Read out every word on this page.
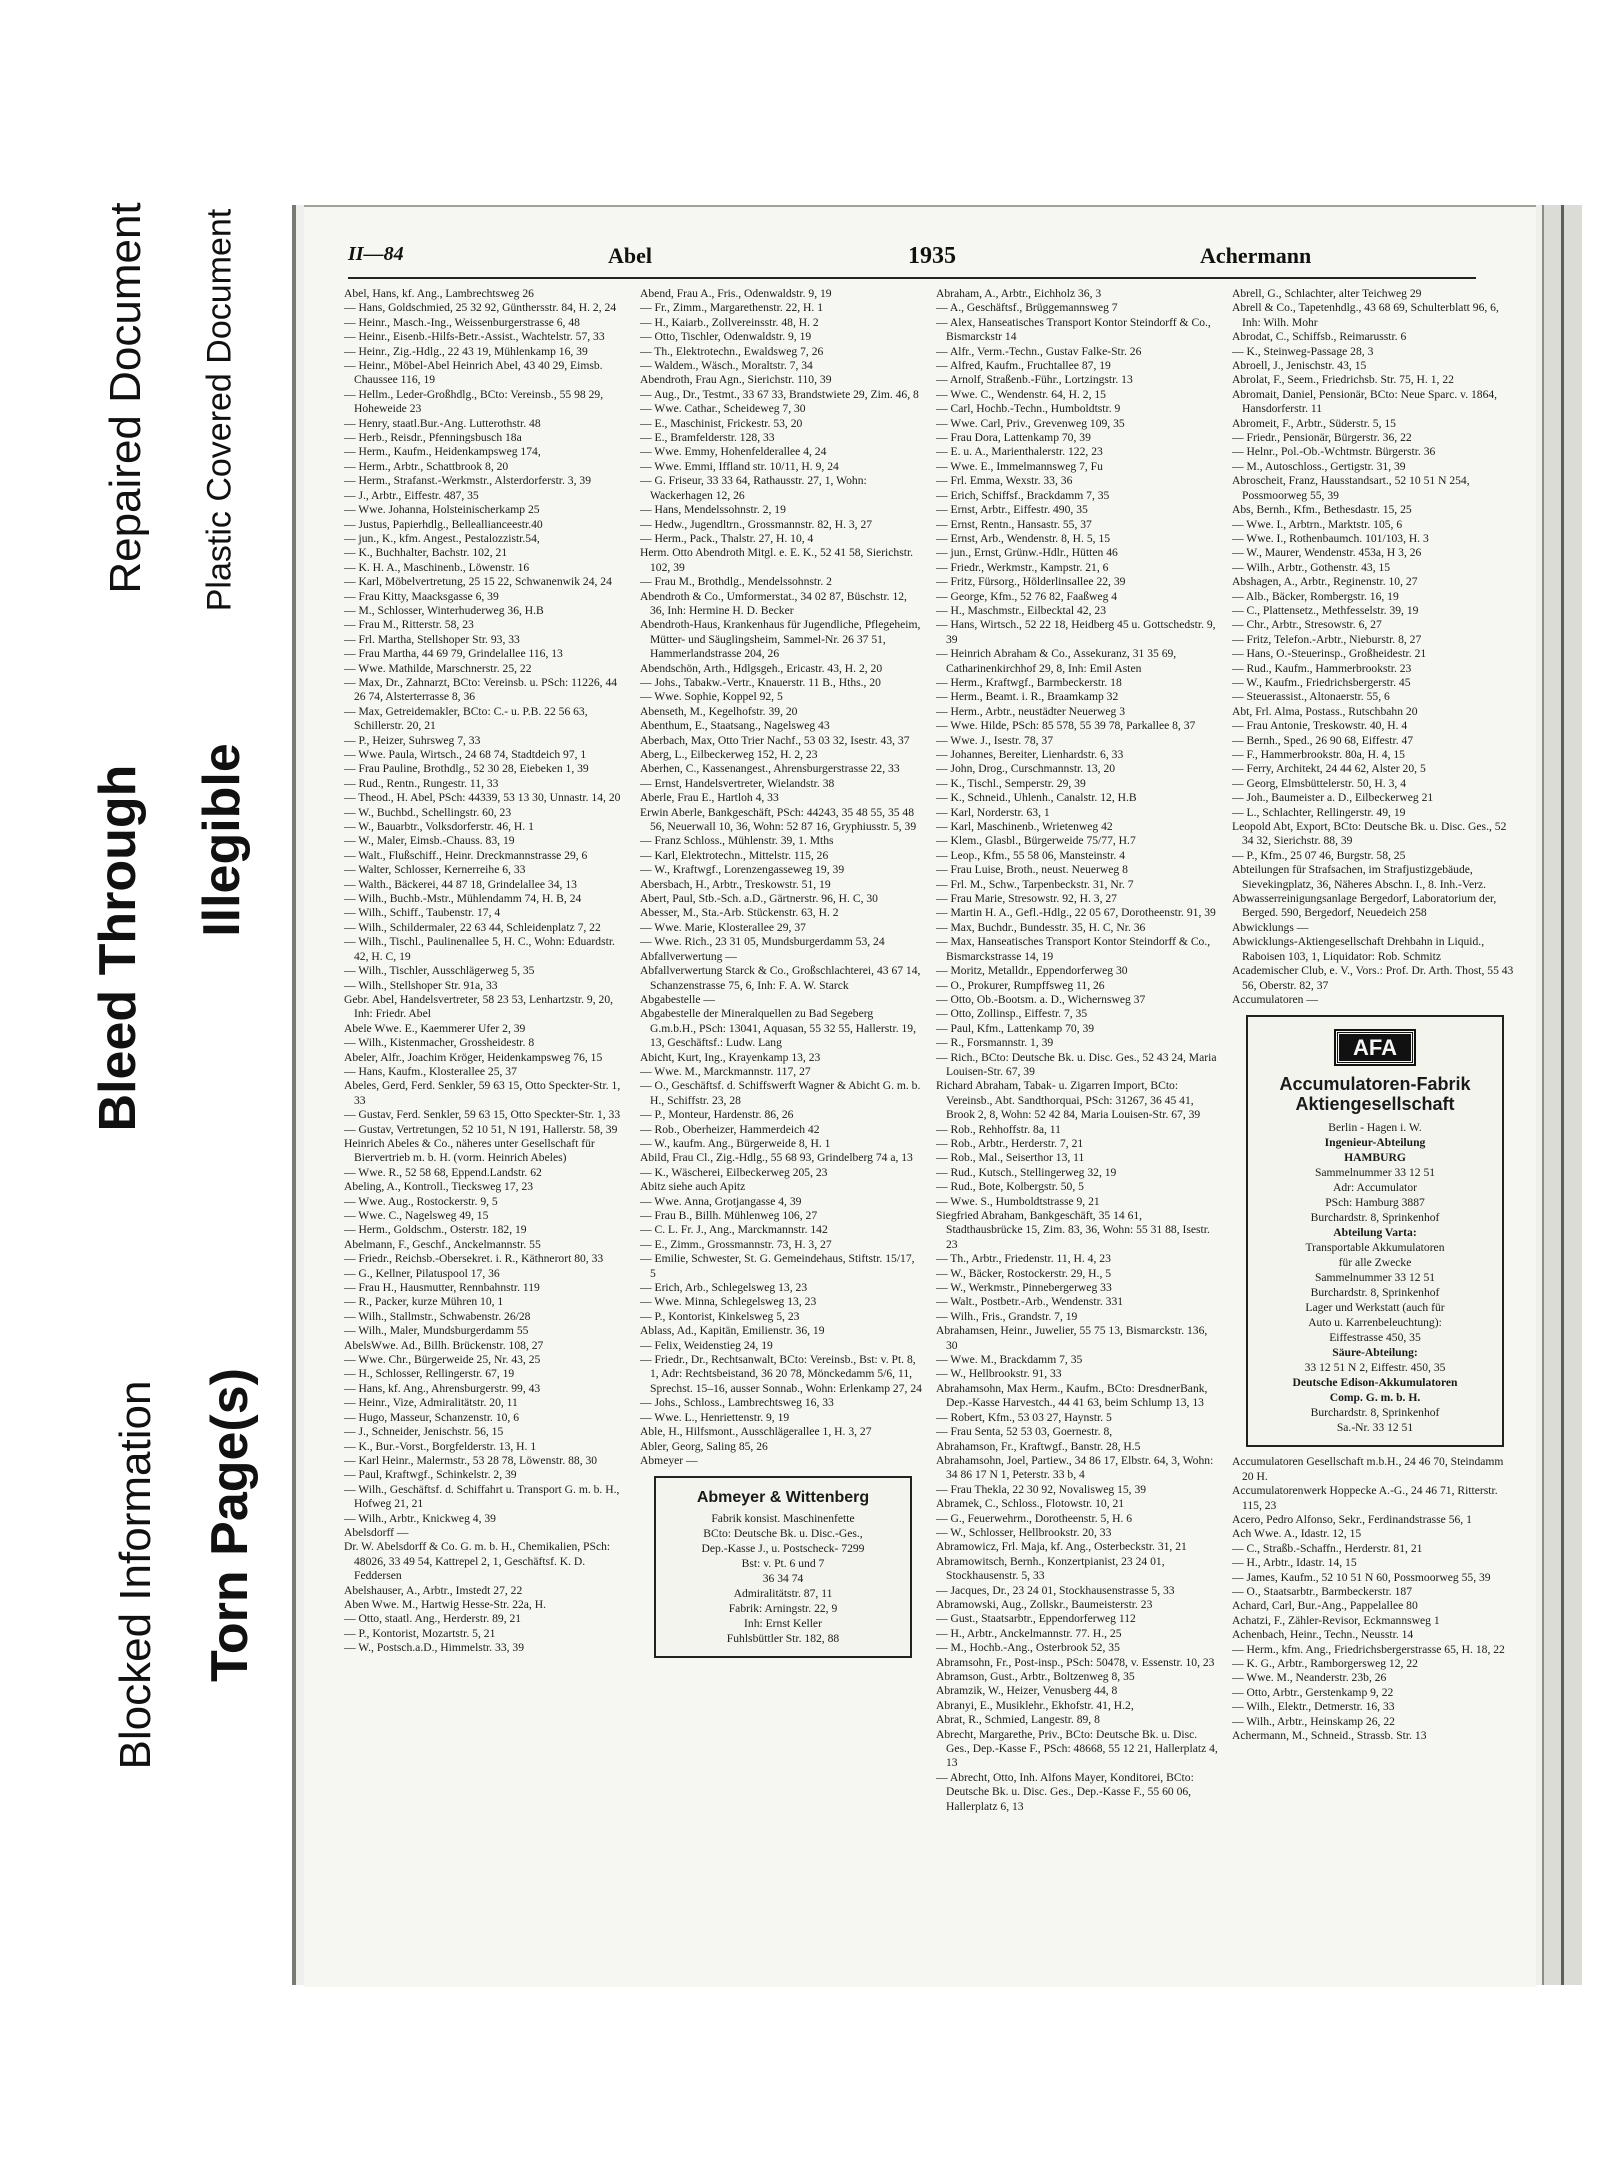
Bleed Through Illegible
Repaired Document Plastic Covered Document
Blocked Information Torn Page(s)
II—84	Abel	1935	Achermann

Abel, Hans, kf. Ang., Lambrechtsweg 26

— Hans, Goldschmied, 25 32 92, Günthersstr. 84, H. 2, 24

— Heinr., Masch.-Ing., Weissenburgerstrasse 6, 48

— Heinr., Eisenb.-Hilfs-Betr.-Assist., Wachtelstr. 57, 33

— Heinr., Zig.-Hdlg., 22 43 19, Mühlenkamp 16, 39

— Heinr., Möbel-Abel Heinrich Abel, 43 40 29, Eimsb. Chaussee 116, 19

— Hellm., Leder-Großhdlg., BCto: Vereinsb., 55 98 29, Hoheweide 23

— Henry, staatl.Bur.-Ang. Lutterothstr. 48

— Herb., Reisdr., Pfenningsbusch 18a

— Herm., Kaufm., Heidenkampsweg 174,

— Herm., Arbtr., Schattbrook 8, 20

— Herm., Strafanst.-Werkmstr., Alsterdorferstr. 3, 39

— J., Arbtr., Eiffestr. 487, 35

— Wwe. Johanna, Holsteinischerkamp 25

— Justus, Papierhdlg., Belleallianceestr.40

— jun., K., kfm. Angest., Pestalozzistr.54,

— K., Buchhalter, Bachstr. 102, 21

— K. H. A., Maschinenb., Löwenstr. 16

— Karl, Möbelvertretung, 25 15 22, Schwanenwik 24, 24

— Frau Kitty, Maacksgasse 6, 39

— M., Schlosser, Winterhuderweg 36, H.B

— Frau M., Ritterstr. 58, 23

— Frl. Martha, Stellshoper Str. 93, 33

— Frau Martha, 44 69 79, Grindelallee 116, 13

— Wwe. Mathilde, Marschnerstr. 25, 22

— Max, Dr., Zahnarzt, BCto: Vereinsb. u. PSch: 11226, 44 26 74, Alsterterrasse 8, 36

— Max, Getreidemakler, BCto: C.- u. P.B. 22 56 63, Schillerstr. 20, 21

— P., Heizer, Suhrsweg 7, 33

— Wwe. Paula, Wirtsch., 24 68 74, Stadtdeich 97, 1

— Frau Pauline, Brothdlg., 52 30 28, Eiebeken 1, 39

— Rud., Rentn., Rungestr. 11, 33

— Theod., H. Abel, PSch: 44339, 53 13 30, Unnastr. 14, 20

— W., Buchbd., Schellingstr. 60, 23

— W., Bauarbtr., Volksdorferstr. 46, H. 1

— W., Maler, Eimsb.-Chauss. 83, 19

— Walt., Flußschiff., Heinr. Dreckmannstrasse 29, 6

— Walter, Schlosser, Kernerreihe 6, 33

— Walth., Bäckerei, 44 87 18, Grindelallee 34, 13

— Wilh., Buchb.-Mstr., Mühlendamm 74, H. B, 24

— Wilh., Schiff., Taubenstr. 17, 4

— Wilh., Schildermaler, 22 63 44, Schleidenplatz 7, 22

— Wilh., Tischl., Paulinenallee 5, H. C., Wohn: Eduardstr. 42, H. C, 19

— Wilh., Tischler, Ausschlägerweg 5, 35

— Wilh., Stellshoper Str. 91a, 33

Gebr. Abel, Handelsvertreter, 58 23 53, Lenhartzstr. 9, 20, Inh: Friedr. Abel

Abele Wwe. E., Kaemmerer Ufer 2, 39

— Wilh., Kistenmacher, Grossheidestr. 8

Abeler, Alfr., Joachim Kröger, Heidenkampsweg 76, 15

— Hans, Kaufm., Klosterallee 25, 37

Abeles, Gerd, Ferd. Senkler, 59 63 15, Otto Speckter-Str. 1, 33

— Gustav, Ferd. Senkler, 59 63 15, Otto Speckter-Str. 1, 33

— Gustav, Vertretungen, 52 10 51, N 191, Hallerstr. 58, 39

Heinrich Abeles & Co., näheres unter Gesellschaft für Biervertrieb m. b. H. (vorm. Heinrich Abeles)

— Wwe. R., 52 58 68, Eppend.Landstr. 62

Abeling, A., Kontroll., Tiecksweg 17, 23

— Wwe. Aug., Rostockerstr. 9, 5

— Wwe. C., Nagelsweg 49, 15

— Herm., Goldschm., Osterstr. 182, 19

Abelmann, F., Geschf., Anckelmannstr. 55

— Friedr., Reichsb.-Obersekret. i. R., Käthnerort 80, 33

— G., Kellner, Pilatuspool 17, 36

— Frau H., Hausmutter, Rennbahnstr. 119

— R., Packer, kurze Mühren 10, 1

— Wilh., Stallmstr., Schwabenstr. 26/28

— Wilh., Maler, Mundsburgerdamm 55

AbelsWwe. Ad., Billh. Brückenstr. 108, 27

— Wwe. Chr., Bürgerweide 25, Nr. 43, 25

— H., Schlosser, Rellingerstr. 67, 19

— Hans, kf. Ang., Ahrensburgerstr. 99, 43

— Heinr., Vize, Admiralitätstr. 20, 11

— Hugo, Masseur, Schanzenstr. 10, 6

— J., Schneider, Jenischstr. 56, 15

— K., Bur.-Vorst., Borgfelderstr. 13, H. 1

— Karl Heinr., Malermstr., 53 28 78, Löwenstr. 88, 30

— Paul, Kraftwgf., Schinkelstr. 2, 39

— Wilh., Geschäftsf. d. Schiffahrt u. Transport G. m. b. H., Hofweg 21, 21

— Wilh., Arbtr., Knickweg 4, 39

Abelsdorff —

Dr. W. Abelsdorff & Co. G. m. b. H., Chemikalien, PSch: 48026, 33 49 54, Kattrepel 2, 1, Geschäftsf. K. D. Feddersen

Abelshauser, A., Arbtr., Imstedt 27, 22

Aben Wwe. M., Hartwig Hesse-Str. 22a, H.

— Otto, staatl. Ang., Herderstr. 89, 21

— P., Kontorist, Mozartstr. 5, 21

— W., Postsch.a.D., Himmelstr. 33, 39

Abend, Frau A., Fris., Odenwaldstr. 9, 19

— Fr., Zimm., Margarethenstr. 22, H. 1

— H., Kaiarb., Zollvereinsstr. 48, H. 2

— Otto, Tischler, Odenwaldstr. 9, 19

— Th., Elektrotechn., Ewaldsweg 7, 26

— Waldem., Wäsch., Moraltstr. 7, 34

Abendroth, Frau Agn., Sierichstr. 110, 39

— Aug., Dr., Testmt., 33 67 33, Brandstwiete 29, Zim. 46, 8

— Wwe. Cathar., Scheideweg 7, 30

— E., Maschinist, Frickestr. 53, 20

— E., Bramfelderstr. 128, 33

— Wwe. Emmy, Hohenfelderallee 4, 24

— Wwe. Emmi, Iffland str. 10/11, H. 9, 24

— G. Friseur, 33 33 64, Rathausstr. 27, 1, Wohn: Wackerhagen 12, 26

— Hans, Mendelssohnstr. 2, 19

— Hedw., Jugendltrn., Grossmannstr. 82, H. 3, 27

— Herm., Pack., Thalstr. 27, H. 10, 4

Herm. Otto Abendroth Mitgl. e. E. K., 52 41 58, Sierichstr. 102, 39

— Frau M., Brothdlg., Mendelssohnstr. 2

Abendroth & Co., Umformerstat., 34 02 87, Büschstr. 12, 36, Inh: Hermine H. D. Becker

Abendroth-Haus, Krankenhaus für Jugendliche, Pflegeheim, Mütter- und Säuglingsheim, Sammel-Nr. 26 37 51, Hammerlandstrasse 204, 26

Abendschön, Arth., Hdlgsgeh., Ericastr. 43, H. 2, 20

— Johs., Tabakw.-Vertr., Knauerstr. 11 B., Hths., 20

— Wwe. Sophie, Koppel 92, 5

Abenseth, M., Kegelhofstr. 39, 20

Abenthum, E., Staatsang., Nagelsweg 43

Aberbach, Max, Otto Trier Nachf., 53 03 32, Isestr. 43, 37

Aberg, L., Eilbeckerweg 152, H. 2, 23

Aberhen, C., Kassenangest., Ahrensburgerstrasse 22, 33

— Ernst, Handelsvertreter, Wielandstr. 38

Aberle, Frau E., Hartloh 4, 33

Erwin Aberle, Bankgeschäft, PSch: 44243, 35 48 55, 35 48 56, Neuerwall 10, 36, Wohn: 52 87 16, Gryphiusstr. 5, 39

— Franz Schloss., Mühlenstr. 39, 1. Mths

— Karl, Elektrotechn., Mittelstr. 115, 26

— W., Kraftwgf., Lorenzengasseweg 19, 39

Abersbach, H., Arbtr., Treskowstr. 51, 19

Abert, Paul, Stb.-Sch. a.D., Gärtnerstr. 96, H. C, 30

Abesser, M., Sta.-Arb. Stückenstr. 63, H. 2

— Wwe. Marie, Klosterallee 29, 37

— Wwe. Rich., 23 31 05, Mundsburgerdamm 53, 24

Abfallverwertung —

Abfallverwertung Starck & Co., Großschlachterei, 43 67 14, Schanzenstrasse 75, 6, Inh: F. A. W. Starck

Abgabestelle —

Abgabestelle der Mineralquellen zu Bad Segeberg G.m.b.H., PSch: 13041, Aquasan, 55 32 55, Hallerstr. 19, 13, Geschäftsf.: Ludw. Lang

Abicht, Kurt, Ing., Krayenkamp 13, 23

— Wwe. M., Marckmannstr. 117, 27

— O., Geschäftsf. d. Schiffswerft Wagner & Abicht G. m. b. H., Schiffstr. 23, 28

— P., Monteur, Hardenstr. 86, 26

— Rob., Oberheizer, Hammerdeich 42

— W., kaufm. Ang., Bürgerweide 8, H. 1

Abild, Frau Cl., Zig.-Hdlg., 55 68 93, Grindelberg 74 a, 13

— K., Wäscherei, Eilbeckerweg 205, 23

Abitz siehe auch Apitz

— Wwe. Anna, Grotjangasse 4, 39

— Frau B., Billh. Mühlenweg 106, 27

— C. L. Fr. J., Ang., Marckmannstr. 142

— E., Zimm., Grossmannstr. 73, H. 3, 27

— Emilie, Schwester, St. G. Gemeindehaus, Stiftstr. 15/17, 5

— Erich, Arb., Schlegelsweg 13, 23

— Wwe. Minna, Schlegelsweg 13, 23

— P., Kontorist, Kinkelsweg 5, 23

Ablass, Ad., Kapitän, Emilienstr. 36, 19

— Felix, Weidenstieg 24, 19

— Friedr., Dr., Rechtsanwalt, BCto: Vereinsb., Bst: v. Pt. 8, 1, Adr: Rechtsbeistand, 36 20 78, Mönckedamm 5/6, 11, Sprechst. 15–16, ausser Sonnab., Wohn: Erlenkamp 27, 24

— Johs., Schloss., Lambrechtsweg 16, 33

— Wwe. L., Henriettenstr. 9, 19

Able, H., Hilfsmont., Ausschlägerallee 1, H. 3, 27

Abler, Georg, Saling 85, 26

Abmeyer —

Abmeyer & Wittenberg
Fabrik konsist. Maschinenfette
BCto: Deutsche Bk. u. Disc.-Ges.,
Dep.-Kasse J., u. Postscheck- 7299
Bst: v. Pt. 6 und 7
36 34 74
Admiralitätstr. 87, 11
Fabrik: Arningstr. 22, 9
Inh: Ernst Keller
Fuhlsbüttler Str. 182, 88

Abraham, A., Arbtr., Eichholz 36, 3

— A., Geschäftsf., Brüggemannsweg 7

— Alex, Hanseatisches Transport Kontor Steindorff & Co., Bismarckstr 14

— Alfr., Verm.-Techn., Gustav Falke-Str. 26

— Alfred, Kaufm., Fruchtallee 87, 19

— Arnolf, Straßenb.-Führ., Lortzingstr. 13

— Wwe. C., Wendenstr. 64, H. 2, 15

— Carl, Hochb.-Techn., Humboldtstr. 9

— Wwe. Carl, Priv., Grevenweg 109, 35

— Frau Dora, Lattenkamp 70, 39

— E. u. A., Marienthalerstr. 122, 23

— Wwe. E., Immelmannsweg 7, Fu

— Frl. Emma, Wexstr. 33, 36

— Erich, Schiffsf., Brackdamm 7, 35

— Ernst, Arbtr., Eiffestr. 490, 35

— Ernst, Rentn., Hansastr. 55, 37

— Ernst, Arb., Wendenstr. 8, H. 5, 15

— jun., Ernst, Grünw.-Hdlr., Hütten 46

— Friedr., Werkmstr., Kampstr. 21, 6

— Fritz, Fürsorg., Hölderlinsallee 22, 39

— George, Kfm., 52 76 82, Faaßweg 4

— H., Maschmstr., Eilbecktal 42, 23

— Hans, Wirtsch., 52 22 18, Heidberg 45 u. Gottschedstr. 9, 39

— Heinrich Abraham & Co., Assekuranz, 31 35 69, Catharinenkirchhof 29, 8, Inh: Emil Asten

— Herm., Kraftwgf., Barmbeckerstr. 18

— Herm., Beamt. i. R., Braamkamp 32

— Herm., Arbtr., neustädter Neuerweg 3

— Wwe. Hilde, PSch: 85 578, 55 39 78, Parkallee 8, 37

— Wwe. J., Isestr. 78, 37

— Johannes, Bereiter, Lienhardstr. 6, 33

— John, Drog., Curschmannstr. 13, 20

— K., Tischl., Semperstr. 29, 39

— K., Schneid., Uhlenh., Canalstr. 12, H.B

— Karl, Norderstr. 63, 1

— Karl, Maschinenb., Wrietenweg 42

— Klem., Glasbl., Bürgerweide 75/77, H.7

— Leop., Kfm., 55 58 06, Mansteinstr. 4

— Frau Luise, Broth., neust. Neuerweg 8

— Frl. M., Schw., Tarpenbeckstr. 31, Nr. 7

— Frau Marie, Stresowstr. 92, H. 3, 27

— Martin H. A., Gefl.-Hdlg., 22 05 67, Dorotheenstr. 91, 39

— Max, Buchdr., Bundesstr. 35, H. C, Nr. 36

— Max, Hanseatisches Transport Kontor Steindorff & Co., Bismarckstrasse 14, 19

— Moritz, Metalldr., Eppendorferweg 30

— O., Prokurer, Rumpffsweg 11, 26

— Otto, Ob.-Bootsm. a. D., Wichernsweg 37

— Otto, Zollinsp., Eiffestr. 7, 35

— Paul, Kfm., Lattenkamp 70, 39

— R., Forsmannstr. 1, 39

— Rich., BCto: Deutsche Bk. u. Disc. Ges., 52 43 24, Maria Louisen-Str. 67, 39

Richard Abraham, Tabak- u. Zigarren Import, BCto: Vereinsb., Abt. Sandthorquai, PSch: 31267, 36 45 41, Brook 2, 8, Wohn: 52 42 84, Maria Louisen-Str. 67, 39

— Rob., Rehhoffstr. 8a, 11

— Rob., Arbtr., Herderstr. 7, 21

— Rob., Mal., Seiserthor 13, 11

— Rud., Kutsch., Stellingerweg 32, 19

— Rud., Bote, Kolbergstr. 50, 5

— Wwe. S., Humboldtstrasse 9, 21

Siegfried Abraham, Bankgeschäft, 35 14 61, Stadthausbrücke 15, Zim. 83, 36, Wohn: 55 31 88, Isestr. 23

— Th., Arbtr., Friedenstr. 11, H. 4, 23

— W., Bäcker, Rostockerstr. 29, H., 5

— W., Werkmstr., Pinnebergerweg 33

— Walt., Postbetr.-Arb., Wendenstr. 331

— Wilh., Fris., Grandstr. 7, 19

Abrahamsen, Heinr., Juwelier, 55 75 13, Bismarckstr. 136, 30

— Wwe. M., Brackdamm 7, 35

— W., Hellbrookstr. 91, 33

Abrahamsohn, Max Herm., Kaufm., BCto: DresdnerBank, Dep.-Kasse Harvestch., 44 41 63, beim Schlump 13, 13

— Robert, Kfm., 53 03 27, Haynstr. 5

— Frau Senta, 52 53 03, Goernestr. 8,

Abrahamson, Fr., Kraftwgf., Banstr. 28, H.5

Abrahamsohn, Joel, Partiew., 34 86 17, Elbstr. 64, 3, Wohn: 34 86 17 N 1, Peterstr. 33 b, 4

— Frau Thekla, 22 30 92, Novalisweg 15, 39

Abramek, C., Schloss., Flotowstr. 10, 21

— G., Feuerwehrm., Dorotheenstr. 5, H. 6

— W., Schlosser, Hellbrookstr. 20, 33

Abramowicz, Frl. Maja, kf. Ang., Osterbeckstr. 31, 21

Abramowitsch, Bernh., Konzertpianist, 23 24 01, Stockhausenstr. 5, 33

— Jacques, Dr., 23 24 01, Stockhausenstrasse 5, 33

Abramowski, Aug., Zollskr., Baumeisterstr. 23

— Gust., Staatsarbtr., Eppendorferweg 112

— H., Arbtr., Anckelmannstr. 77. H., 25

— M., Hochb.-Ang., Osterbrook 52, 35

Abramsohn, Fr., Post-insp., PSch: 50478, v. Essenstr. 10, 23

Abramson, Gust., Arbtr., Boltzenweg 8, 35

Abramzik, W., Heizer, Venusberg 44, 8

Abranyi, E., Musiklehr., Ekhofstr. 41, H.2,

Abrat, R., Schmied, Langestr. 89, 8

Abrecht, Margarethe, Priv., BCto: Deutsche Bk. u. Disc. Ges., Dep.-Kasse F., PSch: 48668, 55 12 21, Hallerplatz 4, 13

— Abrecht, Otto, Inh. Alfons Mayer, Konditorei, BCto: Deutsche Bk. u. Disc. Ges., Dep.-Kasse F., 55 60 06, Hallerplatz 6, 13

Abrell, G., Schlachter, alter Teichweg 29

Abrell & Co., Tapetenhdlg., 43 68 69, Schulterblatt 96, 6, Inh: Wilh. Mohr

Abrodat, C., Schiffsb., Reimarusstr. 6

— K., Steinweg-Passage 28, 3

Abroell, J., Jenischstr. 43, 15

Abrolat, F., Seem., Friedrichsb. Str. 75, H. 1, 22

Abromait, Daniel, Pensionär, BCto: Neue Sparc. v. 1864, Hansdorferstr. 11

Abromeit, F., Arbtr., Süderstr. 5, 15

— Friedr., Pensionär, Bürgerstr. 36, 22

— Helnr., Pol.-Ob.-Wchtmstr. Bürgerstr. 36

— M., Autoschloss., Gertigstr. 31, 39

Abroscheit, Franz, Hausstandsart., 52 10 51 N 254, Possmoorweg 55, 39

Abs, Bernh., Kfm., Bethesdastr. 15, 25

— Wwe. I., Arbtrn., Marktstr. 105, 6

— Wwe. I., Rothenbaumch. 101/103, H. 3

— W., Maurer, Wendenstr. 453a, H 3, 26

— Wilh., Arbtr., Gothenstr. 43, 15

Abshagen, A., Arbtr., Reginenstr. 10, 27

— Alb., Bäcker, Rombergstr. 16, 19

— C., Plattensetz., Methfesselstr. 39, 19

— Chr., Arbtr., Stresowstr. 6, 27

— Fritz, Telefon.-Arbtr., Nieburstr. 8, 27

— Hans, O.-Steuerinsp., Großheidestr. 21

— Rud., Kaufm., Hammerbrookstr. 23

— W., Kaufm., Friedrichsbergerstr. 45

— Steuerassist., Altonaerstr. 55, 6

Abt, Frl. Alma, Postass., Rutschbahn 20

— Frau Antonie, Treskowstr. 40, H. 4

— Bernh., Sped., 26 90 68, Eiffestr. 47

— F., Hammerbrookstr. 80a, H. 4, 15

— Ferry, Architekt, 24 44 62, Alster 20, 5

— Georg, Elmsbüttelerstr. 50, H. 3, 4

— Joh., Baumeister a. D., Eilbeckerweg 21

— L., Schlachter, Rellingerstr. 49, 19

Leopold Abt, Export, BCto: Deutsche Bk. u. Disc. Ges., 52 34 32, Sierichstr. 88, 39

— P., Kfm., 25 07 46, Burgstr. 58, 25

Abteilungen für Strafsachen, im Strafjustizgebäude, Sievekingplatz, 36, Näheres Abschn. I., 8. Inh.-Verz.

Abwasserreinigungsanlage Bergedorf, Laboratorium der, Berged. 590, Bergedorf, Neuedeich 258

Abwicklungs —

Abwicklungs-Aktiengesellschaft Drehbahn in Liquid., Raboisen 103, 1, Liquidator: Rob. Schmitz

Academischer Club, e. V., Vors.: Prof. Dr. Arth. Thost, 55 43 56, Oberstr. 82, 37

Accumulatoren —

AFA
Accumulatoren-Fabrik Aktiengesellschaft
Berlin - Hagen i. W.
Ingenieur-Abteilung
HAMBURG
Sammelnummer 33 12 51
Adr: Accumulator
PSch: Hamburg 3887
Burchardstr. 8, Sprinkenhof
Abteilung Varta:
Transportable Akkumulatoren
für alle Zwecke
Sammelnummer 33 12 51
Burchardstr. 8, Sprinkenhof
Lager und Werkstatt (auch für
Auto u. Karrenbeleuchtung):
Eiffestrasse 450, 35
Säure-Abteilung:
33 12 51 N 2, Eiffestr. 450, 35
Deutsche Edison-Akkumulatoren
Comp. G. m. b. H.
Burchardstr. 8, Sprinkenhof
Sa.-Nr. 33 12 51

Accumulatoren Gesellschaft m.b.H., 24 46 70, Steindamm 20 H.

Accumulatorenwerk Hoppecke A.-G., 24 46 71, Ritterstr. 115, 23

Acero, Pedro Alfonso, Sekr., Ferdinandstrasse 56, 1

Ach Wwe. A., Idastr. 12, 15

— C., Straßb.-Schaffn., Herderstr. 81, 21

— H., Arbtr., Idastr. 14, 15

— James, Kaufm., 52 10 51 N 60, Possmoorweg 55, 39

— O., Staatsarbtr., Barmbeckerstr. 187

Achard, Carl, Bur.-Ang., Pappelallee 80

Achatzi, F., Zähler-Revisor, Eckmannsweg 1

Achenbach, Heinr., Techn., Neusstr. 14

— Herm., kfm. Ang., Friedrichsbergerstrasse 65, H. 18, 22

— K. G., Arbtr., Ramborgersweg 12, 22

— Wwe. M., Neanderstr. 23b, 26

— Otto, Arbtr., Gerstenkamp 9, 22

— Wilh., Elektr., Detmerstr. 16, 33

— Wilh., Arbtr., Heinskamp 26, 22

Achermann, M., Schneid., Strassb. Str. 13
